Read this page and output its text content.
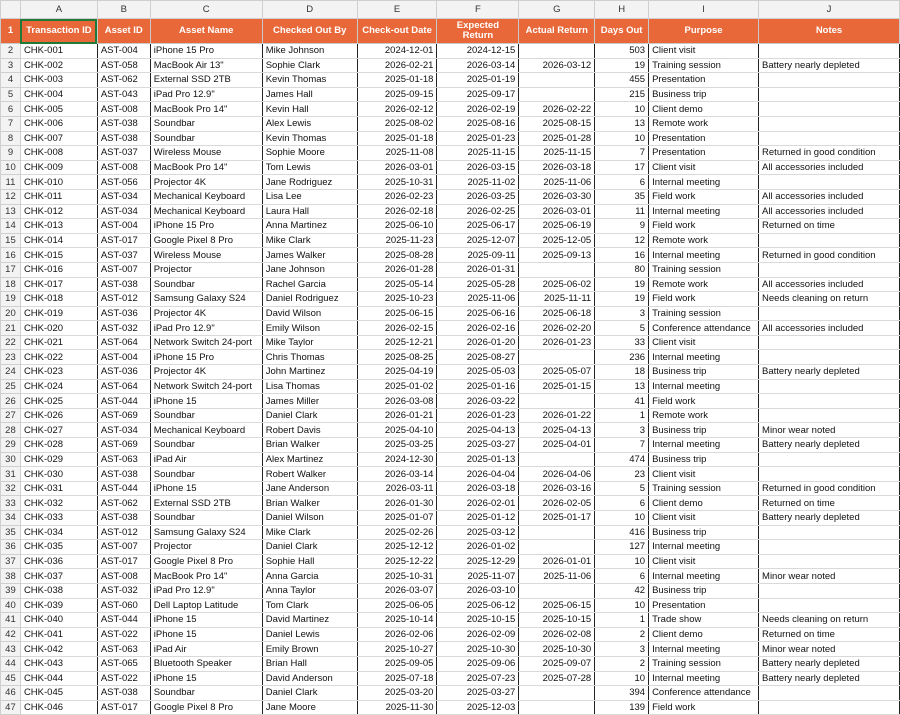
	A	B	C	D	E	F	G	H	I	J
1	Transaction ID	Asset ID	Asset Name	Checked Out By	Check-out Date	Expected Return	Actual Return	Days Out	Purpose	Notes
2	CHK-001	AST-004	iPhone 15 Pro	Mike Johnson	2024-12-01	2024-12-15		503	Client visit	
3	CHK-002	AST-058	MacBook Air 13"	Sophie Clark	2026-02-21	2026-03-14	2026-03-12	19	Training session	Battery nearly depleted
4	CHK-003	AST-062	External SSD 2TB	Kevin Thomas	2025-01-18	2025-01-19		455	Presentation	
5	CHK-004	AST-043	iPad Pro 12.9"	James Hall	2025-09-15	2025-09-17		215	Business trip	
6	CHK-005	AST-008	MacBook Pro 14"	Kevin Hall	2026-02-12	2026-02-19	2026-02-22	10	Client demo	
7	CHK-006	AST-038	Soundbar	Alex Lewis	2025-08-02	2025-08-16	2025-08-15	13	Remote work	
8	CHK-007	AST-038	Soundbar	Kevin Thomas	2025-01-18	2025-01-23	2025-01-28	10	Presentation	
9	CHK-008	AST-037	Wireless Mouse	Sophie Moore	2025-11-08	2025-11-15	2025-11-15	7	Presentation	Returned in good condition
10	CHK-009	AST-008	MacBook Pro 14"	Tom Lewis	2026-03-01	2026-03-15	2026-03-18	17	Client visit	All accessories included
11	CHK-010	AST-056	Projector 4K	Jane Rodriguez	2025-10-31	2025-11-02	2025-11-06	6	Internal meeting	
12	CHK-011	AST-034	Mechanical Keyboard	Lisa Lee	2026-02-23	2026-03-25	2026-03-30	35	Field work	All accessories included
13	CHK-012	AST-034	Mechanical Keyboard	Laura Hall	2026-02-18	2026-02-25	2026-03-01	11	Internal meeting	All accessories included
14	CHK-013	AST-004	iPhone 15 Pro	Anna Martinez	2025-06-10	2025-06-17	2025-06-19	9	Field work	Returned on time
15	CHK-014	AST-017	Google Pixel 8 Pro	Mike Clark	2025-11-23	2025-12-07	2025-12-05	12	Remote work	
16	CHK-015	AST-037	Wireless Mouse	James Walker	2025-08-28	2025-09-11	2025-09-13	16	Internal meeting	Returned in good condition
17	CHK-016	AST-007	Projector	Jane Johnson	2026-01-28	2026-01-31		80	Training session	
18	CHK-017	AST-038	Soundbar	Rachel Garcia	2025-05-14	2025-05-28	2025-06-02	19	Remote work	All accessories included
19	CHK-018	AST-012	Samsung Galaxy S24	Daniel Rodriguez	2025-10-23	2025-11-06	2025-11-11	19	Field work	Needs cleaning on return
20	CHK-019	AST-036	Projector 4K	David Wilson	2025-06-15	2025-06-16	2025-06-18	3	Training session	
21	CHK-020	AST-032	iPad Pro 12.9"	Emily Wilson	2026-02-15	2026-02-16	2026-02-20	5	Conference attendance	All accessories included
22	CHK-021	AST-064	Network Switch 24-port	Mike Taylor	2025-12-21	2026-01-20	2026-01-23	33	Client visit	
23	CHK-022	AST-004	iPhone 15 Pro	Chris Thomas	2025-08-25	2025-08-27		236	Internal meeting	
24	CHK-023	AST-036	Projector 4K	John Martinez	2025-04-19	2025-05-03	2025-05-07	18	Business trip	Battery nearly depleted
25	CHK-024	AST-064	Network Switch 24-port	Lisa Thomas	2025-01-02	2025-01-16	2025-01-15	13	Internal meeting	
26	CHK-025	AST-044	iPhone 15	James Miller	2026-03-08	2026-03-22		41	Field work	
27	CHK-026	AST-069	Soundbar	Daniel Clark	2026-01-21	2026-01-23	2026-01-22	1	Remote work	
28	CHK-027	AST-034	Mechanical Keyboard	Robert Davis	2025-04-10	2025-04-13	2025-04-13	3	Business trip	Minor wear noted
29	CHK-028	AST-069	Soundbar	Brian Walker	2025-03-25	2025-03-27	2025-04-01	7	Internal meeting	Battery nearly depleted
30	CHK-029	AST-063	iPad Air	Alex Martinez	2024-12-30	2025-01-13		474	Business trip	
31	CHK-030	AST-038	Soundbar	Robert Walker	2026-03-14	2026-04-04	2026-04-06	23	Client visit	
32	CHK-031	AST-044	iPhone 15	Jane Anderson	2026-03-11	2026-03-18	2026-03-16	5	Training session	Returned in good condition
33	CHK-032	AST-062	External SSD 2TB	Brian Walker	2026-01-30	2026-02-01	2026-02-05	6	Client demo	Returned on time
34	CHK-033	AST-038	Soundbar	Daniel Wilson	2025-01-07	2025-01-12	2025-01-17	10	Client visit	Battery nearly depleted
35	CHK-034	AST-012	Samsung Galaxy S24	Mike Clark	2025-02-26	2025-03-12		416	Business trip	
36	CHK-035	AST-007	Projector	Daniel Clark	2025-12-12	2026-01-02		127	Internal meeting	
37	CHK-036	AST-017	Google Pixel 8 Pro	Sophie Hall	2025-12-22	2025-12-29	2026-01-01	10	Client visit	
38	CHK-037	AST-008	MacBook Pro 14"	Anna Garcia	2025-10-31	2025-11-07	2025-11-06	6	Internal meeting	Minor wear noted
39	CHK-038	AST-032	iPad Pro 12.9"	Anna Taylor	2026-03-07	2026-03-10		42	Business trip	
40	CHK-039	AST-060	Dell Laptop Latitude	Tom Clark	2025-06-05	2025-06-12	2025-06-15	10	Presentation	
41	CHK-040	AST-044	iPhone 15	David Martinez	2025-10-14	2025-10-15	2025-10-15	1	Trade show	Needs cleaning on return
42	CHK-041	AST-022	iPhone 15	Daniel Lewis	2026-02-06	2026-02-09	2026-02-08	2	Client demo	Returned on time
43	CHK-042	AST-063	iPad Air	Emily Brown	2025-10-27	2025-10-30	2025-10-30	3	Internal meeting	Minor wear noted
44	CHK-043	AST-065	Bluetooth Speaker	Brian Hall	2025-09-05	2025-09-06	2025-09-07	2	Training session	Battery nearly depleted
45	CHK-044	AST-022	iPhone 15	David Anderson	2025-07-18	2025-07-23	2025-07-28	10	Internal meeting	Battery nearly depleted
46	CHK-045	AST-038	Soundbar	Daniel Clark	2025-03-20	2025-03-27		394	Conference attendance	
47	CHK-046	AST-017	Google Pixel 8 Pro	Jane Moore	2025-11-30	2025-12-03		139	Field work	
